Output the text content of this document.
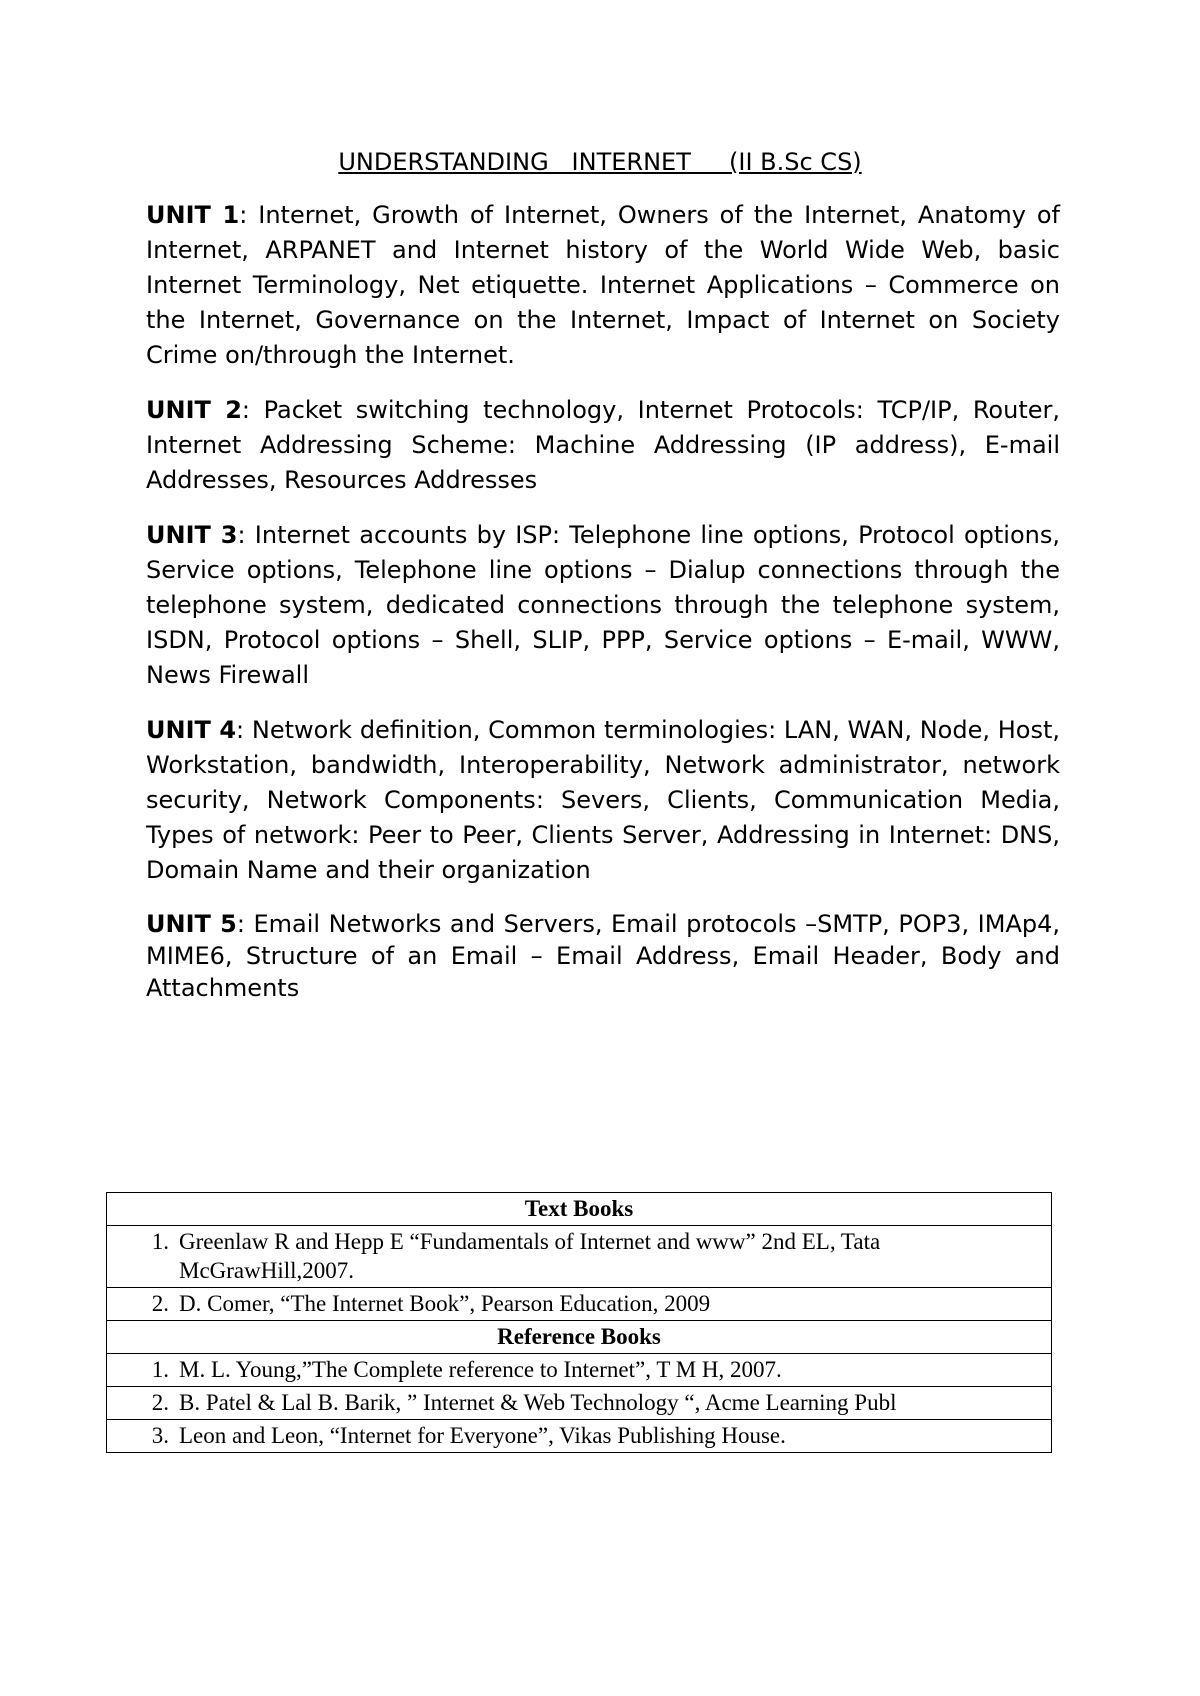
UNDERSTANDING   INTERNET     (II B.Sc CS)

UNIT 1: Internet, Growth of Internet, Owners of the Internet, Anatomy of Internet, ARPANET and Internet history of the World Wide Web, basic Internet Terminology, Net etiquette. Internet Applications – Commerce on the Internet, Governance on the Internet, Impact of Internet on Society Crime on/through the Internet.

UNIT 2: Packet switching technology, Internet Protocols: TCP/IP, Router, Internet Addressing Scheme: Machine Addressing (IP address), E-mail Addresses, Resources Addresses

UNIT 3: Internet accounts by ISP: Telephone line options, Protocol options, Service options, Telephone line options – Dialup connections through the telephone system, dedicated connections through the telephone system, ISDN, Protocol options – Shell, SLIP, PPP, Service options – E-mail, WWW, News Firewall

UNIT 4: Network definition, Common terminologies: LAN, WAN, Node, Host, Workstation, bandwidth, Interoperability, Network administrator, network security, Network Components: Severs, Clients, Communication Media, Types of network: Peer to Peer, Clients Server, Addressing in Internet: DNS, Domain Name and their organization

UNIT 5: Email Networks and Servers, Email protocols –SMTP, POP3, IMAp4, MIME6, Structure of an Email – Email Address, Email Header, Body and Attachments

Text Books

1. Greenlaw R and Hepp E “Fundamentals of Internet and www” 2nd EL, Tata McGrawHill,2007.

2. D. Comer, “The Internet Book”, Pearson Education, 2009

Reference Books

1. M. L. Young,”The Complete reference to Internet”, T M H, 2007.

2. B. Patel & Lal B. Barik, ” Internet & Web Technology “, Acme Learning Publ

3. Leon and Leon, “Internet for Everyone”, Vikas Publishing House.
